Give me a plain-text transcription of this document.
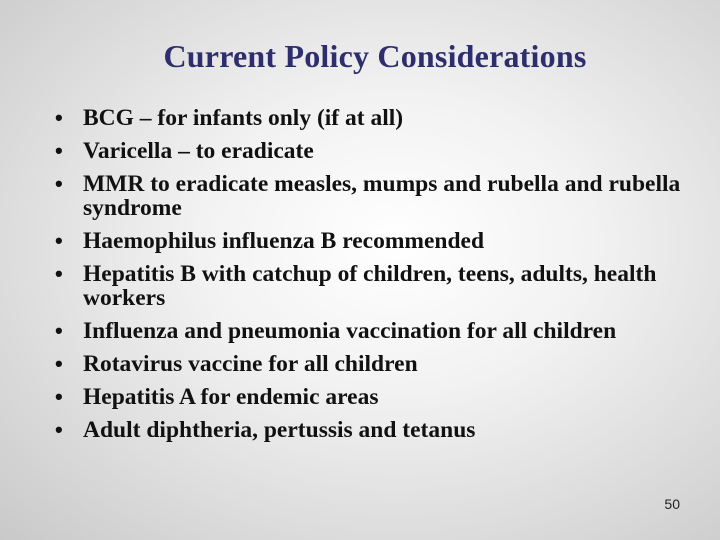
Current Policy Considerations
• BCG – for infants only (if at all)
• Varicella – to eradicate
• MMR to eradicate measles, mumps and rubella and rubella syndrome
• Haemophilus influenza B recommended
• Hepatitis B with catchup of children, teens, adults, health workers
• Influenza and pneumonia vaccination for all children
• Rotavirus vaccine for all children
• Hepatitis A for endemic areas
• Adult diphtheria, pertussis and tetanus
50
